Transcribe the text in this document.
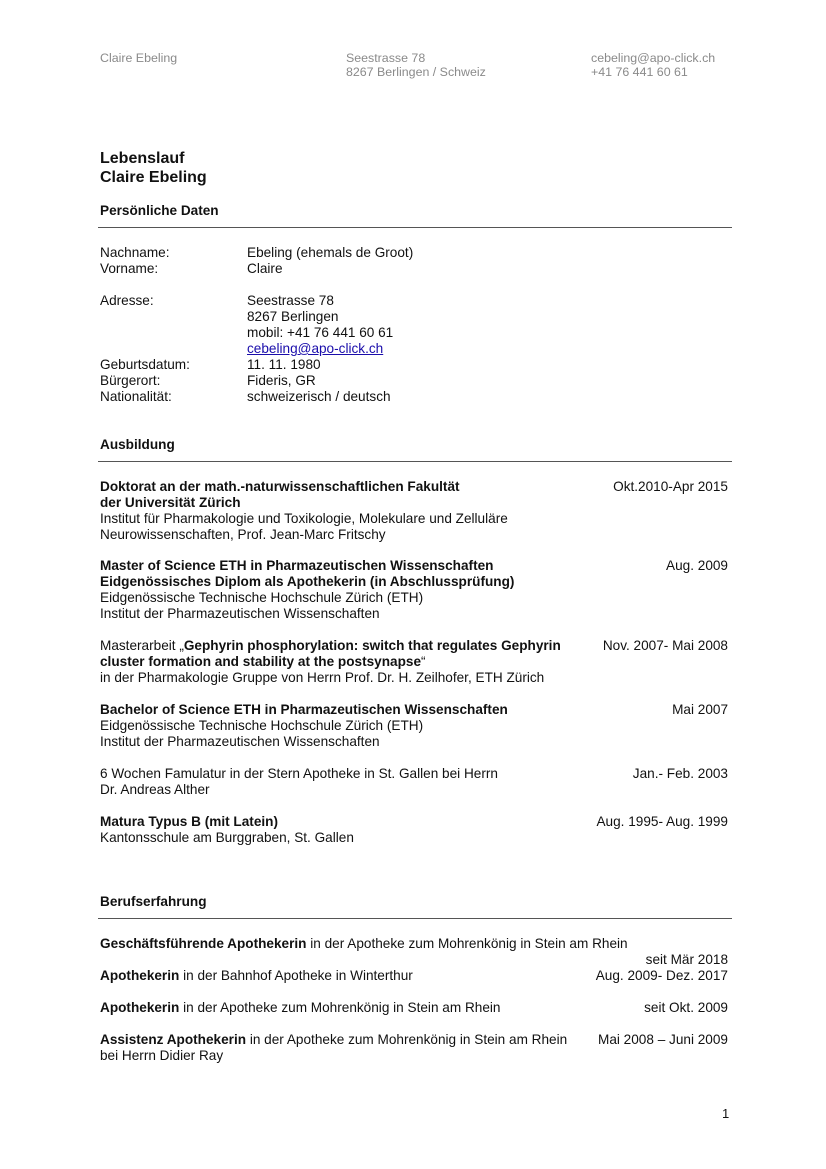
Claire Ebeling	Seestrasse 78
8267 Berlingen / Schweiz
cebeling@apo-click.ch
+41 76 441 60 61
Lebenslauf
Claire Ebeling
Persönliche Daten
Nachname:	Ebeling (ehemals de Groot)
Vorname:	Claire
Adresse:	Seestrasse 78
8267 Berlingen
mobil: +41 76 441 60 61
cebeling@apo-click.ch
Geburtsdatum:	11. 11. 1980
Bürgerort:	Fideris, GR
Nationalität:	schweizerisch / deutsch
Ausbildung
Doktorat an der math.-naturwissenschaftlichen Fakultät
der Universität Zürich
Institut für Pharmakologie und Toxikologie, Molekulare und Zelluläre
Neurowissenschaften, Prof. Jean-Marc Fritschy
Okt.2010-Apr 2015
Master of Science ETH in Pharmazeutischen Wissenschaften
Eidgenössisches Diplom als Apothekerin (in Abschlussprüfung)
Eidgenössische Technische Hochschule Zürich (ETH)
Institut der Pharmazeutischen Wissenschaften
Aug. 2009
Masterarbeit „Gephyrin phosphorylation: switch that regulates Gephyrin
cluster formation and stability at the postsynapse“
in der Pharmakologie Gruppe von Herrn Prof. Dr. H. Zeilhofer, ETH Zürich
Nov. 2007- Mai 2008
Bachelor of Science ETH in Pharmazeutischen Wissenschaften
Eidgenössische Technische Hochschule Zürich (ETH)
Institut der Pharmazeutischen Wissenschaften
Mai 2007
6 Wochen Famulatur in der Stern Apotheke in St. Gallen bei Herrn
Dr. Andreas Alther
Jan.- Feb. 2003
Matura Typus B (mit Latein)
Kantonsschule am Burggraben, St. Gallen
Aug. 1995- Aug. 1999
Berufserfahrung
Geschäftsführende Apothekerin in der Apotheke zum Mohrenkönig in Stein am Rhein
seit Mär 2018
Apothekerin in der Bahnhof Apotheke in Winterthur	Aug. 2009- Dez. 2017
Apothekerin in der Apotheke zum Mohrenkönig in Stein am Rhein	seit Okt. 2009
Assistenz Apothekerin in der Apotheke zum Mohrenkönig in Stein am Rhein
bei Herrn Didier Ray
Mai 2008 – Juni 2009
1
